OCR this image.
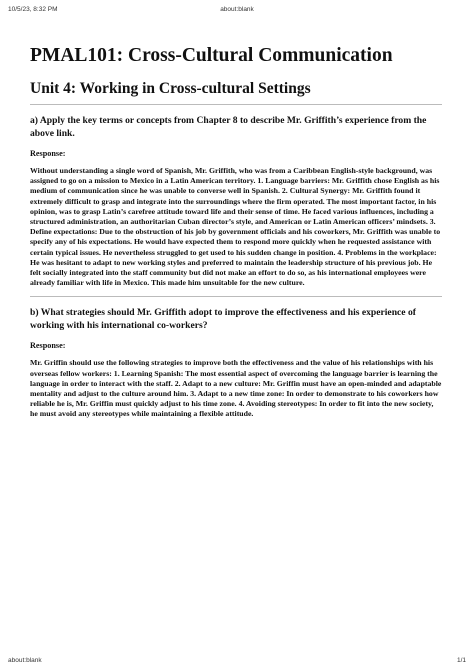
10/5/23, 8:32 PM	about:blank
PMAL101: Cross-Cultural Communication
Unit 4: Working in Cross-cultural Settings

a) Apply the key terms or concepts from Chapter 8 to describe Mr. Griffith’s experience from the above link.

Response:

Without understanding a single word of Spanish, Mr. Griffith, who was from a Caribbean English-style background, was assigned to go on a mission to Mexico in a Latin American territory. 1. Language barriers: Mr. Griffith chose English as his medium of communication since he was unable to converse well in Spanish. 2. Cultural Synergy: Mr. Griffith found it extremely difficult to grasp and integrate into the surroundings where the firm operated. The most important factor, in his opinion, was to grasp Latin’s carefree attitude toward life and their sense of time. He faced various influences, including a structured administration, an authoritarian Cuban director’s style, and American or Latin American officers’ mindsets. 3. Define expectations: Due to the obstruction of his job by government officials and his coworkers, Mr. Griffith was unable to specify any of his expectations. He would have expected them to respond more quickly when he requested assistance with certain typical issues. He nevertheless struggled to get used to his sudden change in position. 4. Problems in the workplace: He was hesitant to adapt to new working styles and preferred to maintain the leadership structure of his previous job. He felt socially integrated into the staff community but did not make an effort to do so, as his international employees were already familiar with life in Mexico. This made him unsuitable for the new culture.

b) What strategies should Mr. Griffith adopt to improve the effectiveness and his experience of working with his international co-workers?

Response:

Mr. Griffin should use the following strategies to improve both the effectiveness and the value of his relationships with his overseas fellow workers: 1. Learning Spanish: The most essential aspect of overcoming the language barrier is learning the language in order to interact with the staff. 2. Adapt to a new culture: Mr. Griffin must have an open-minded and adaptable mentality and adjust to the culture around him. 3. Adapt to a new time zone: In order to demonstrate to his coworkers how reliable he is, Mr. Griffin must quickly adjust to his time zone. 4. Avoiding stereotypes: In order to fit into the new society, he must avoid any stereotypes while maintaining a flexible attitude.

about:blank	1/1
